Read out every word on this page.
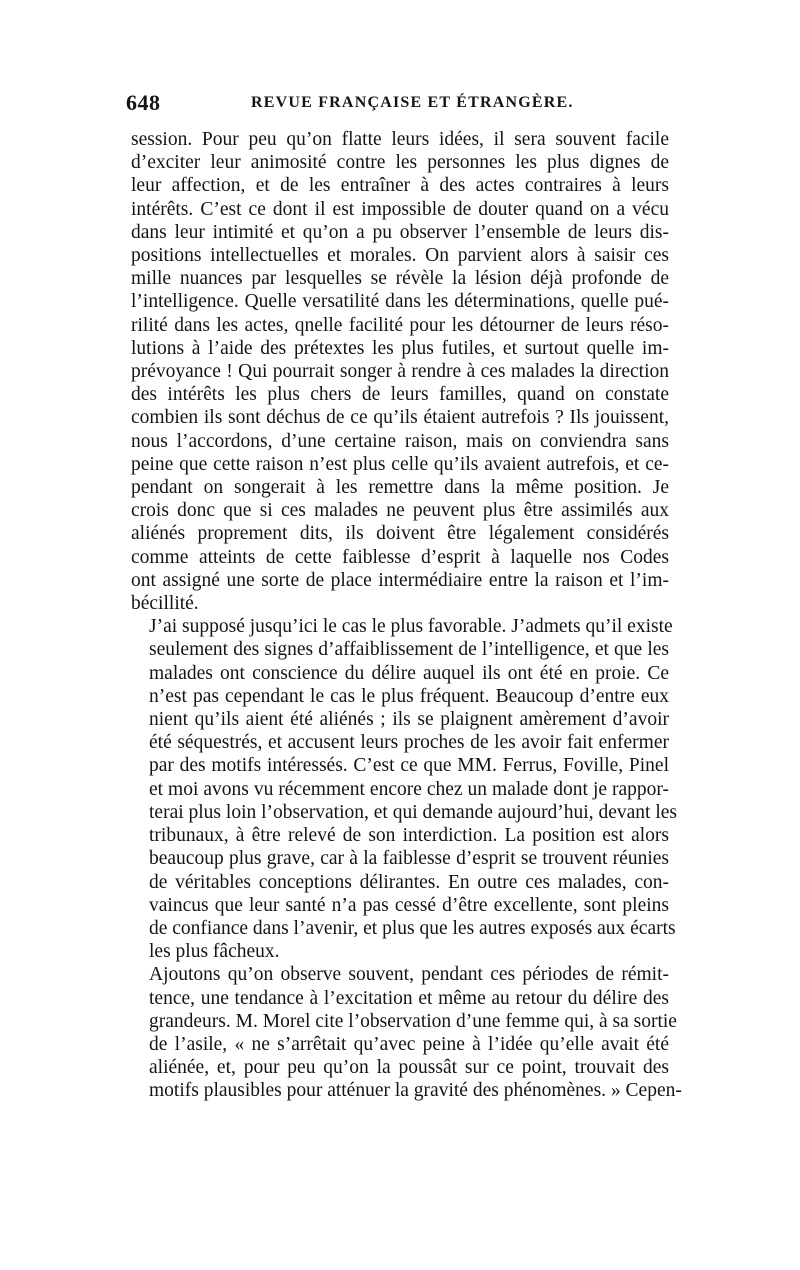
648	REVUE FRANÇAISE ET ÉTRANGÈRE.

session. Pour peu qu’on flatte leurs idées, il sera souvent facile
d’exciter leur animosité contre les personnes les plus dignes de
leur affection, et de les entraîner à des actes contraires à leurs
intérêts. C’est ce dont il est impossible de douter quand on a vécu
dans leur intimité et qu’on a pu observer l’ensemble de leurs dis-
positions intellectuelles et morales. On parvient alors à saisir ces
mille nuances par lesquelles se révèle la lésion déjà profonde de
l’intelligence. Quelle versatilité dans les déterminations, quelle pué-
rilité dans les actes, qnelle facilité pour les détourner de leurs réso-
lutions à l’aide des prétextes les plus futiles, et surtout quelle im-
prévoyance ! Qui pourrait songer à rendre à ces malades la direction
des intérêts les plus chers de leurs familles, quand on constate
combien ils sont déchus de ce qu’ils étaient autrefois ? Ils jouissent,
nous l’accordons, d’une certaine raison, mais on conviendra sans
peine que cette raison n’est plus celle qu’ils avaient autrefois, et ce-
pendant on songerait à les remettre dans la même position. Je
crois donc que si ces malades ne peuvent plus être assimilés aux
aliénés proprement dits, ils doivent être légalement considérés
comme atteints de cette faiblesse d’esprit à laquelle nos Codes
ont assigné une sorte de place intermédiaire entre la raison et l’im-
bécillité.

J’ai supposé jusqu’ici le cas le plus favorable. J’admets qu’il existe
seulement des signes d’affaiblissement de l’intelligence, et que les
malades ont conscience du délire auquel ils ont été en proie. Ce
n’est pas cependant le cas le plus fréquent. Beaucoup d’entre eux
nient qu’ils aient été aliénés ; ils se plaignent amèrement d’avoir
été séquestrés, et accusent leurs proches de les avoir fait enfermer
par des motifs intéressés. C’est ce que MM. Ferrus, Foville, Pinel
et moi avons vu récemment encore chez un malade dont je rappor-
terai plus loin l’observation, et qui demande aujourd’hui, devant les
tribunaux, à être relevé de son interdiction. La position est alors
beaucoup plus grave, car à la faiblesse d’esprit se trouvent réunies
de véritables conceptions délirantes. En outre ces malades, con-
vaincus que leur santé n’a pas cessé d’être excellente, sont pleins
de confiance dans l’avenir, et plus que les autres exposés aux écarts
les plus fâcheux.

Ajoutons qu’on observe souvent, pendant ces périodes de rémit-
tence, une tendance à l’excitation et même au retour du délire des
grandeurs. M. Morel cite l’observation d’une femme qui, à sa sortie
de l’asile, « ne s’arrêtait qu’avec peine à l’idée qu’elle avait été
aliénée, et, pour peu qu’on la poussât sur ce point, trouvait des
motifs plausibles pour atténuer la gravité des phénomènes. » Cepen-
